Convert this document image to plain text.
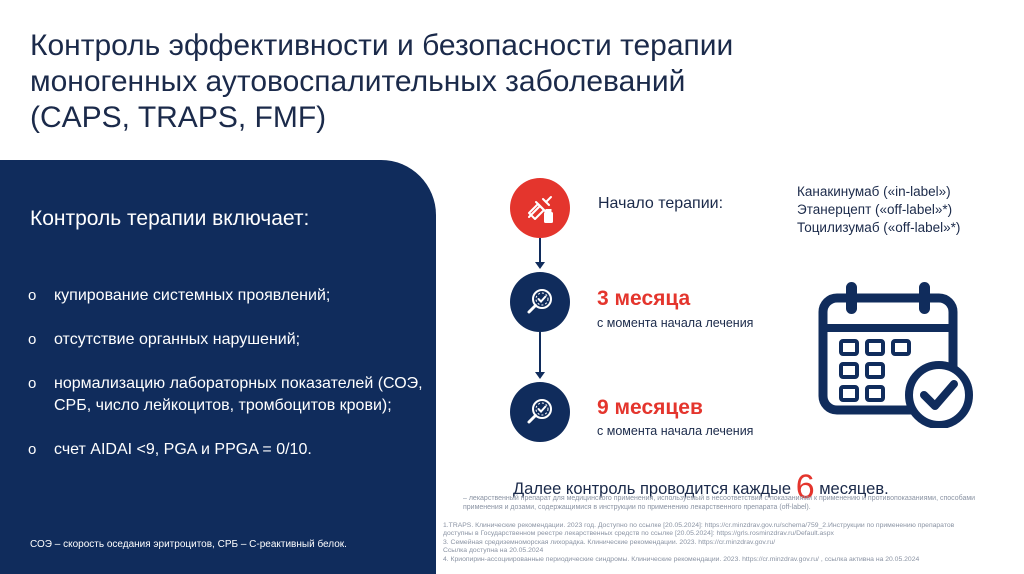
Контроль эффективности и безопасности терапии
моногенных аутовоспалительных заболеваний
(CAPS, TRAPS, FMF)
Контроль терапии включает:
o купирование системных проявлений;
o отсутствие органных нарушений;
o нормализацию лабораторных показателей (СОЭ, СРБ, число лейкоцитов, тромбоцитов крови);
o счет AIDAI <9, PGA и PPGA = 0/10.
СОЭ – скорость оседания эритроцитов, СРБ – С-реактивный белок.
Начало терапии:
Канакинумаб («in-label»)
Этанерцепт («off-label»*)
Тоцилизумаб («off-label»*)
3 месяца
с момента начала лечения
9 месяцев
с момента начала лечения
Далее контроль проводится каждые 6 месяцев.
– лекарственный препарат для медицинского применения, используемый в несоответствии с показаниями к применению и противопоказаниями, способами применения и дозами, содержащимися в инструкции по применению лекарственного препарата (off-label).
1.TRAPS. Клинические рекомендации. 2023 год. Доступно по ссылке [20.05.2024]: https://cr.minzdrav.gov.ru/schema/759_2.Инструкции по применению препаратов
доступны в Государственном реестре лекарственных средств по ссылке [20.05.2024]: https://grls.rosminzdrav.ru/Default.aspx
3. Семейная средиземноморская лихорадка. Клинические рекомендации. 2023. https://cr.minzdrav.gov.ru/
Ссылка доступна на 20.05.2024
4. Криопирин-ассоциированные периодические синдромы. Клинические рекомендации. 2023. https://cr.minzdrav.gov.ru/ , ссылка активна на 20.05.2024
